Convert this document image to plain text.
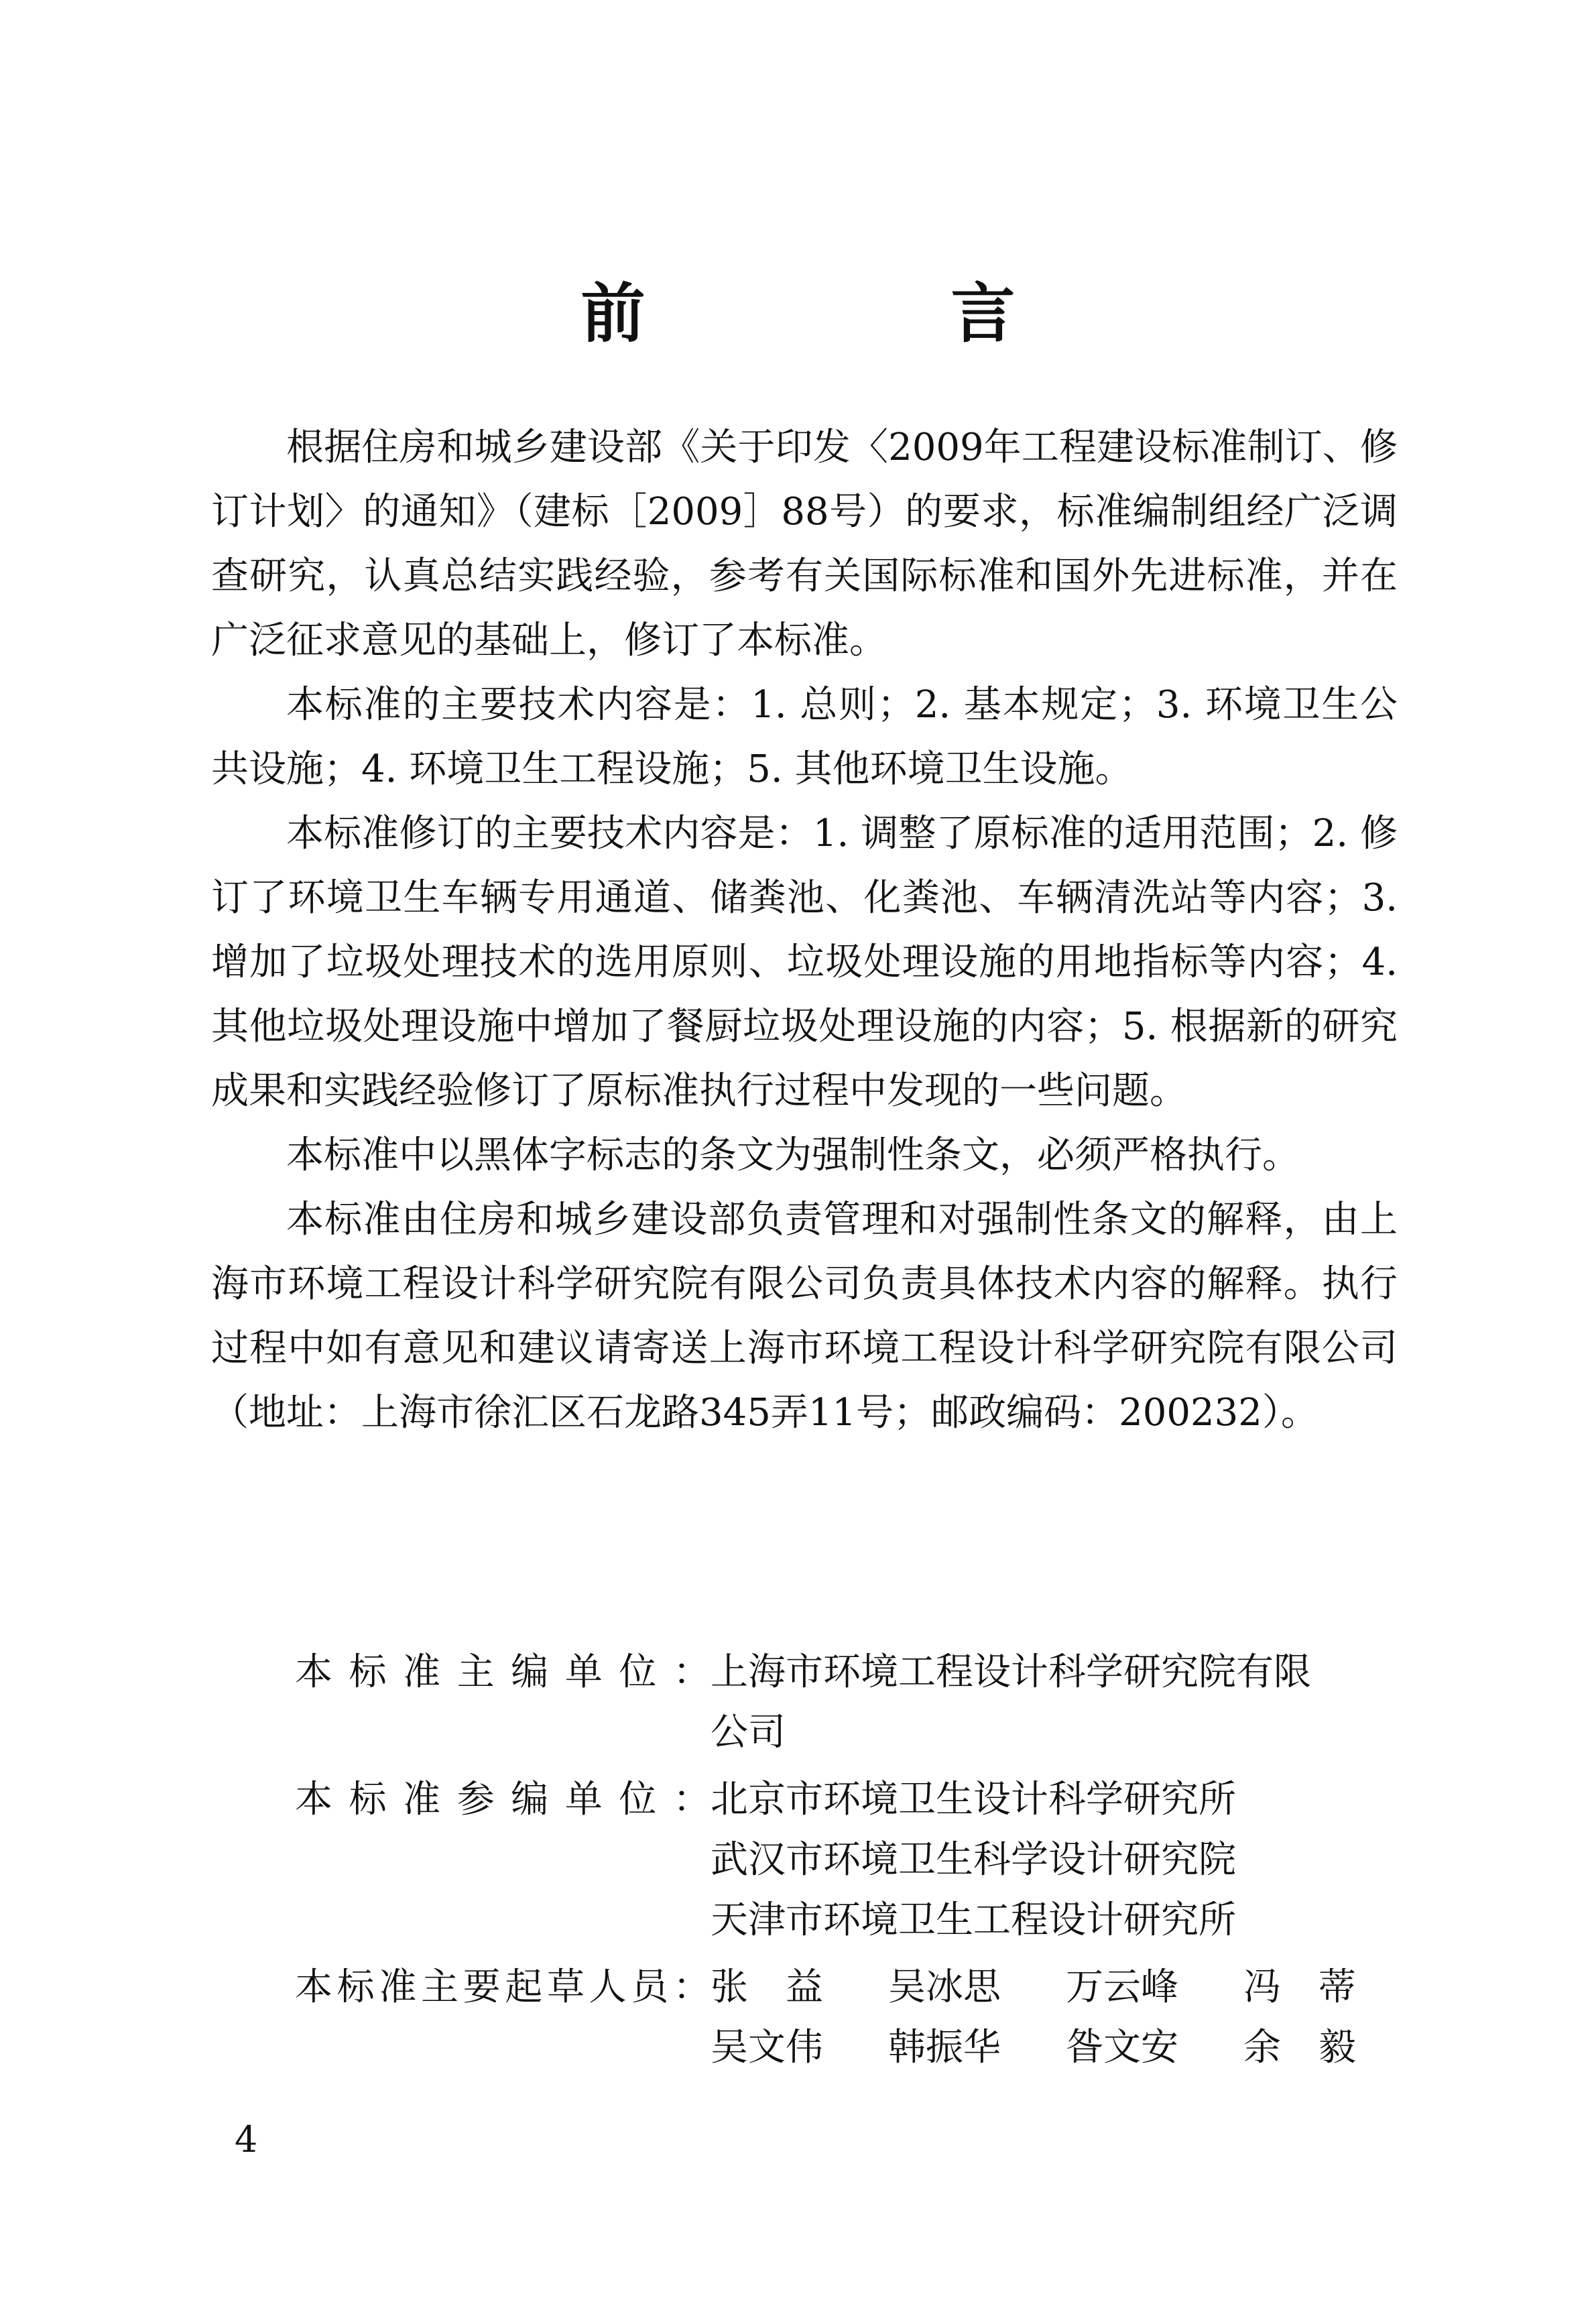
前　言

根据住房和城乡建设部《关于印发〈2009年工程建设标准制订、修订计划〉的通知》（建标［2009］88号）的要求，标准编制组经广泛调查研究，认真总结实践经验，参考有关国际标准和国外先进标准，并在广泛征求意见的基础上，修订了本标准。

本标准的主要技术内容是：1. 总则；2. 基本规定；3. 环境卫生公共设施；4. 环境卫生工程设施；5. 其他环境卫生设施。

本标准修订的主要技术内容是：1. 调整了原标准的适用范围；2. 修订了环境卫生车辆专用通道、储粪池、化粪池、车辆清洗站等内容；3. 增加了垃圾处理技术的选用原则、垃圾处理设施的用地指标等内容；4. 其他垃圾处理设施中增加了餐厨垃圾处理设施的内容；5. 根据新的研究成果和实践经验修订了原标准执行过程中发现的一些问题。

本标准中以黑体字标志的条文为强制性条文，必须严格执行。

本标准由住房和城乡建设部负责管理和对强制性条文的解释，由上海市环境工程设计科学研究院有限公司负责具体技术内容的解释。执行过程中如有意见和建议请寄送上海市环境工程设计科学研究院有限公司（地址：上海市徐汇区石龙路345弄11号；邮政编码：200232）。

本标准主编单位： 上海市环境工程设计科学研究院有限
公司
本标准参编单位： 北京市环境卫生设计科学研究所
武汉市环境卫生科学设计研究院
天津市环境卫生工程设计研究所
本标准主要起草人员： 张　益	吴冰思	万云峰	冯　蒂
吴文伟	韩振华	昝文安	余　毅
4
